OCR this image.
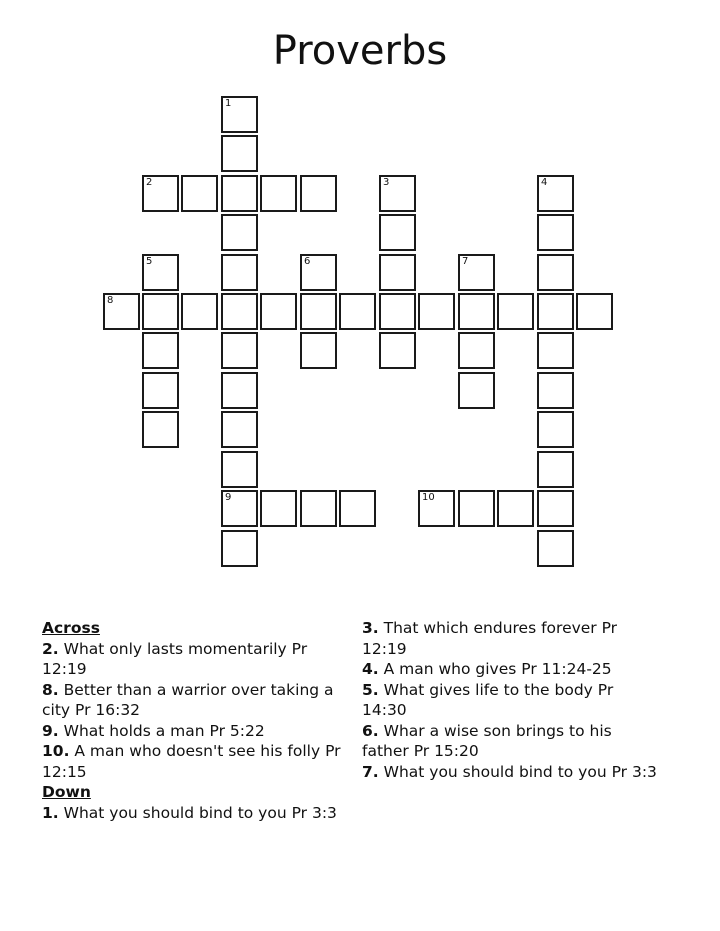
Proverbs
1
9
2	3	4
5	6	7
8
10
Across

2. What only lasts momentarily Pr 12:19

8. Better than a warrior over taking a city Pr 16:32

9. What holds a man Pr 5:22

10. A man who doesn't see his folly Pr 12:15

Down

1. What you should bind to you Pr 3:3

3. That which endures forever Pr 12:19

4. A man who gives Pr 11:24-25

5. What gives life to the body Pr 14:30

6. Whar a wise son brings to his father Pr 15:20

7. What you should bind to you Pr 3:3
